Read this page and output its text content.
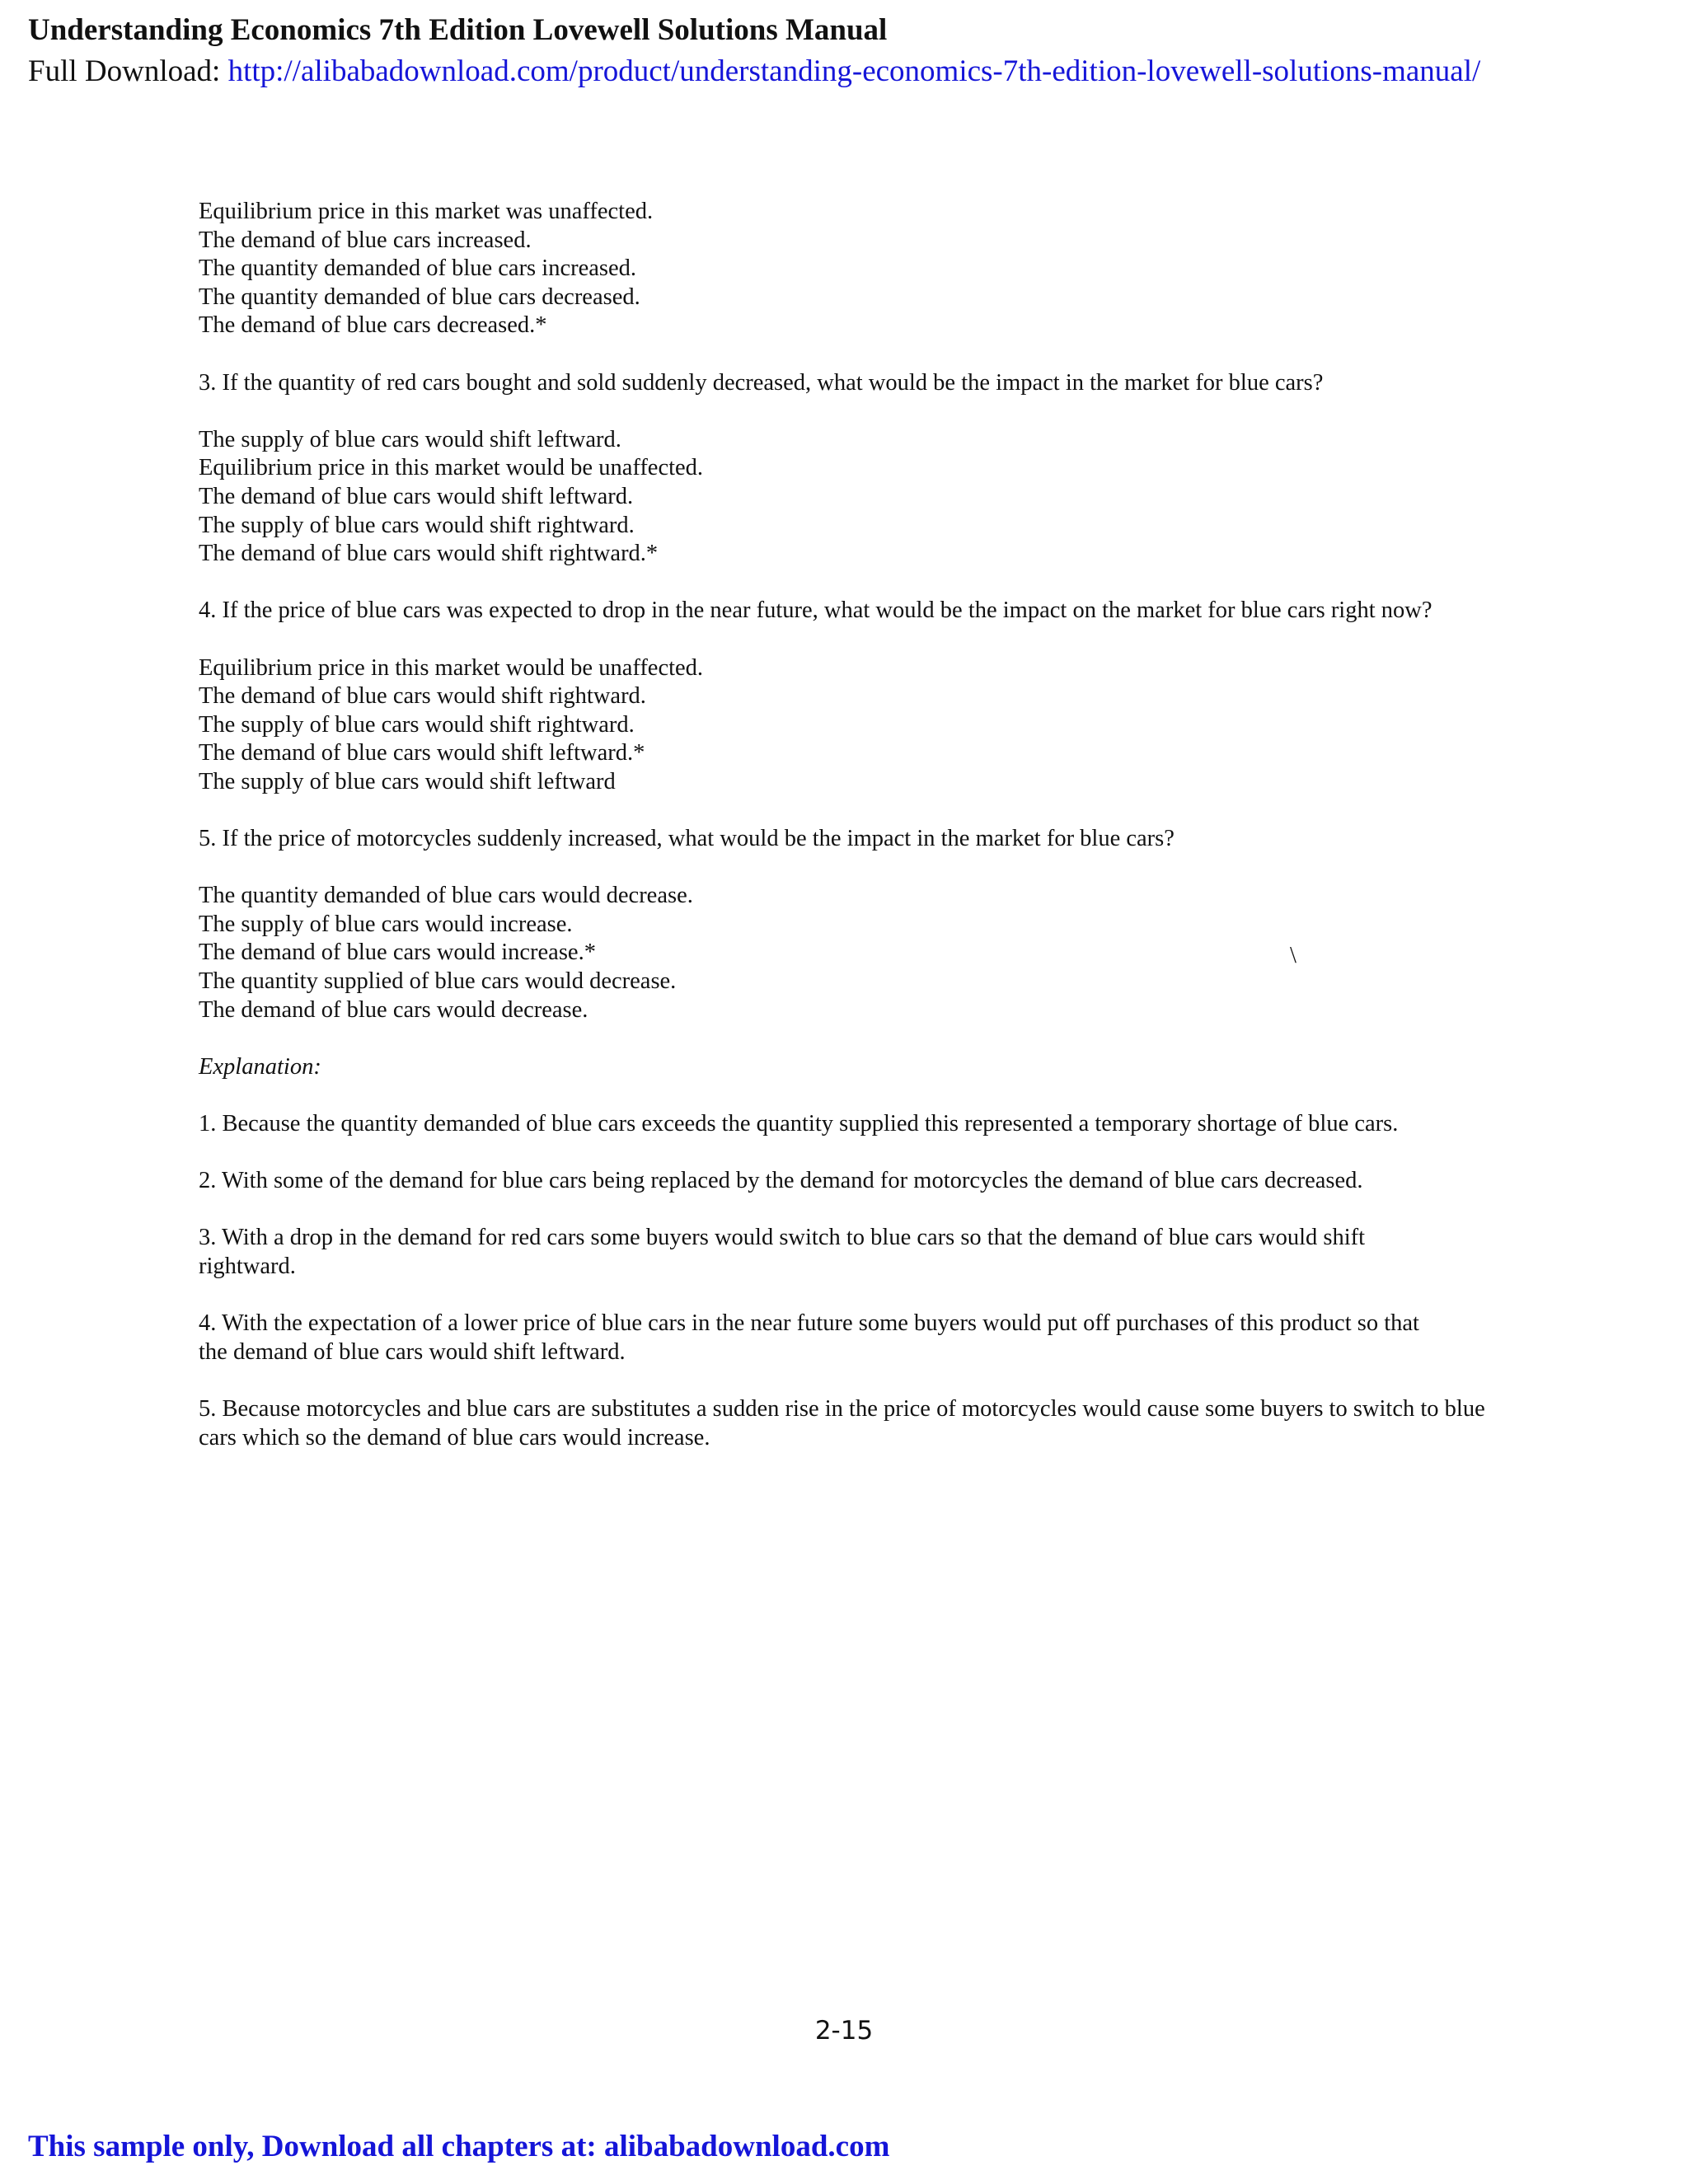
Understanding Economics 7th Edition Lovewell Solutions Manual
Full Download: http://alibabadownload.com/product/understanding-economics-7th-edition-lovewell-solutions-manual/
Equilibrium price in this market was unaffected.
The demand of blue cars increased.
The quantity demanded of blue cars increased.
The quantity demanded of blue cars decreased.
The demand of blue cars decreased.*
3. If the quantity of red cars bought and sold suddenly decreased, what would be the impact in the market for blue cars?
The supply of blue cars would shift leftward.
Equilibrium price in this market would be unaffected.
The demand of blue cars would shift leftward.
The supply of blue cars would shift rightward.
The demand of blue cars would shift rightward.*
4. If the price of blue cars was expected to drop in the near future, what would be the impact on the market for blue cars right now?
Equilibrium price in this market would be unaffected.
The demand of blue cars would shift rightward.
The supply of blue cars would shift rightward.
The demand of blue cars would shift leftward.*
The supply of blue cars would shift leftward
5. If the price of motorcycles suddenly increased, what would be the impact in the market for blue cars?
The quantity demanded of blue cars would decrease.
The supply of blue cars would increase.
The demand of blue cars would increase.*
The quantity supplied of blue cars would decrease.
The demand of blue cars would decrease.
Explanation:
1. Because the quantity demanded of blue cars exceeds the quantity supplied this represented a temporary shortage of blue cars.
2. With some of the demand for blue cars being replaced by the demand for motorcycles the demand of blue cars decreased.
3. With a drop in the demand for red cars some buyers would switch to blue cars so that the demand of blue cars would shift rightward.
4. With the expectation of a lower price of blue cars in the near future some buyers would put off purchases of this product so that the demand of blue cars would shift leftward.
5. Because motorcycles and blue cars are substitutes a sudden rise in the price of motorcycles would cause some buyers to switch to blue cars which so the demand of blue cars would increase.
\
2-15
This sample only, Download all chapters at: alibabadownload.com
